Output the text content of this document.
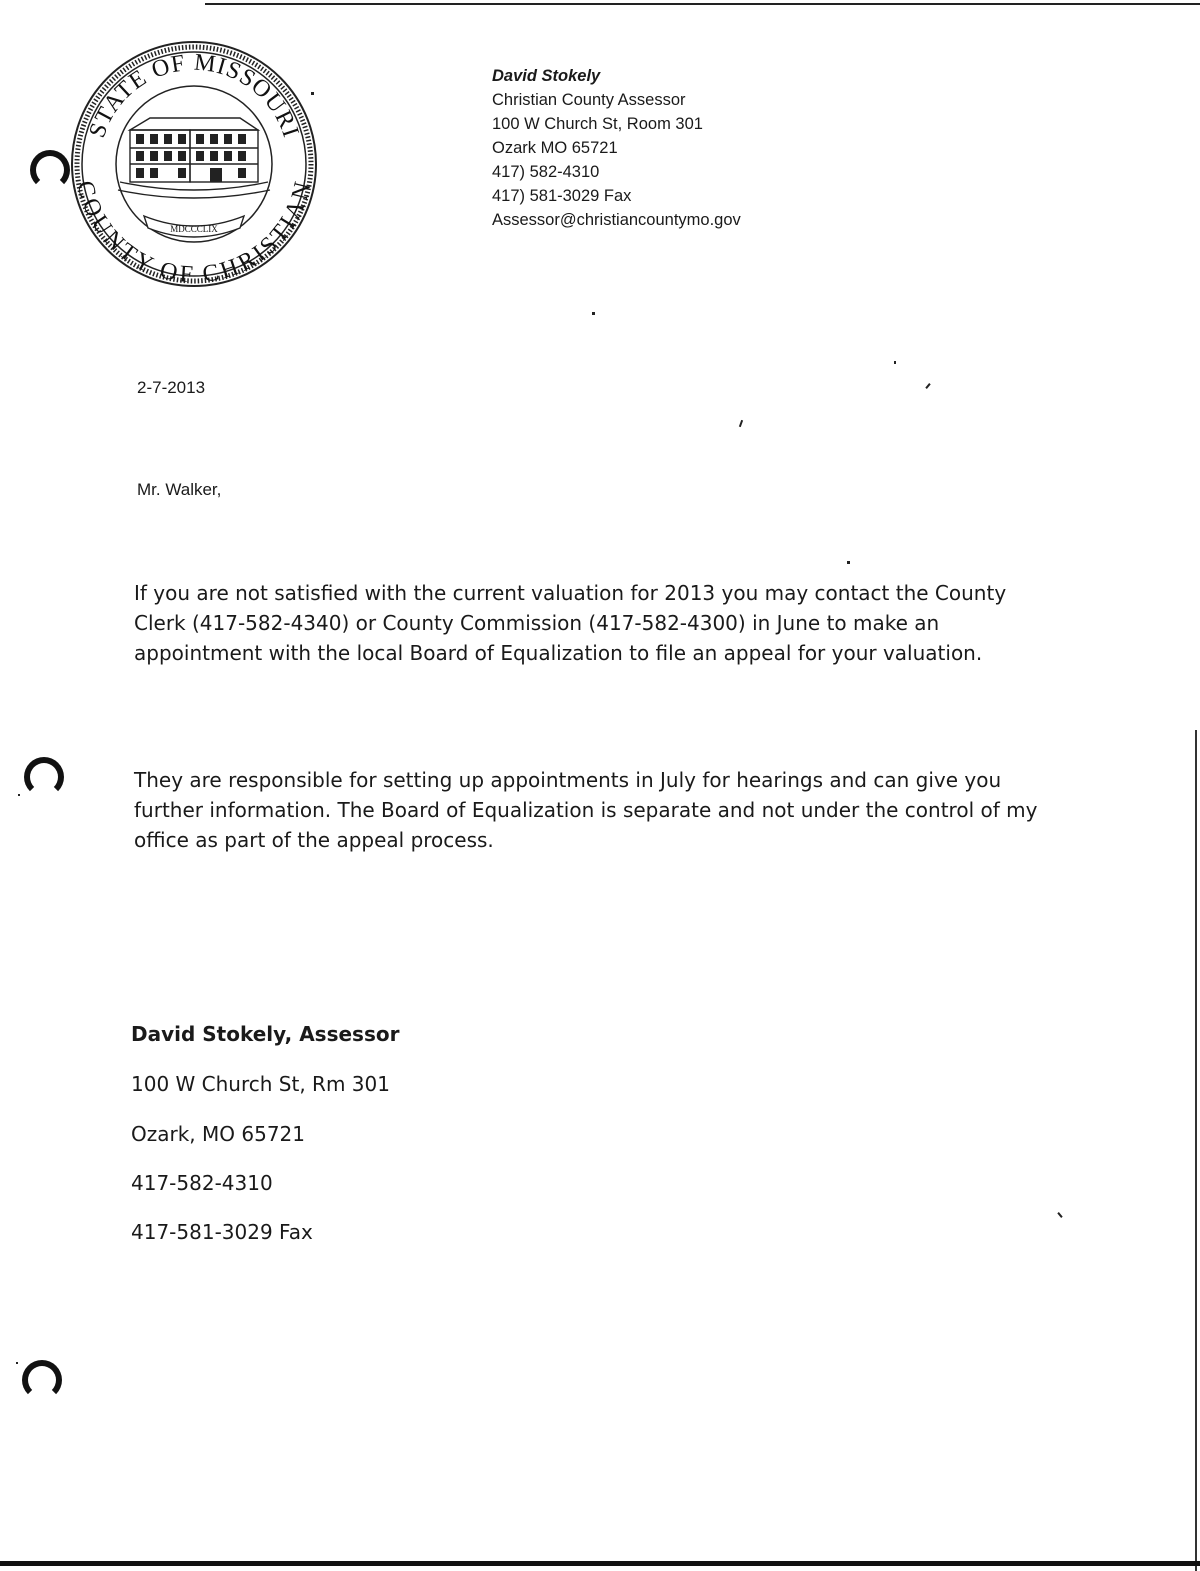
STATE OF MISSOURI
COUNTY OF CHRISTIAN
MDCCCLIX
David Stokely
Christian County Assessor
100 W Church St, Room 301
Ozark MO 65721
417) 582-4310
417) 581-3029 Fax
Assessor@christiancountymo.gov
2-7-2013
Mr. Walker,

If you are not satisfied with the current valuation for 2013 you may contact the County Clerk (417-582-4340) or County Commission (417-582-4300) in June to make an appointment with the local Board of Equalization to file an appeal for your valuation.

They are responsible for setting up appointments in July for hearings and can give you further information. The Board of Equalization is separate and not under the control of my office as part of the appeal process.

David Stokely, Assessor

100 W Church St, Rm 301

Ozark, MO 65721

417-582-4310

417-581-3029 Fax
